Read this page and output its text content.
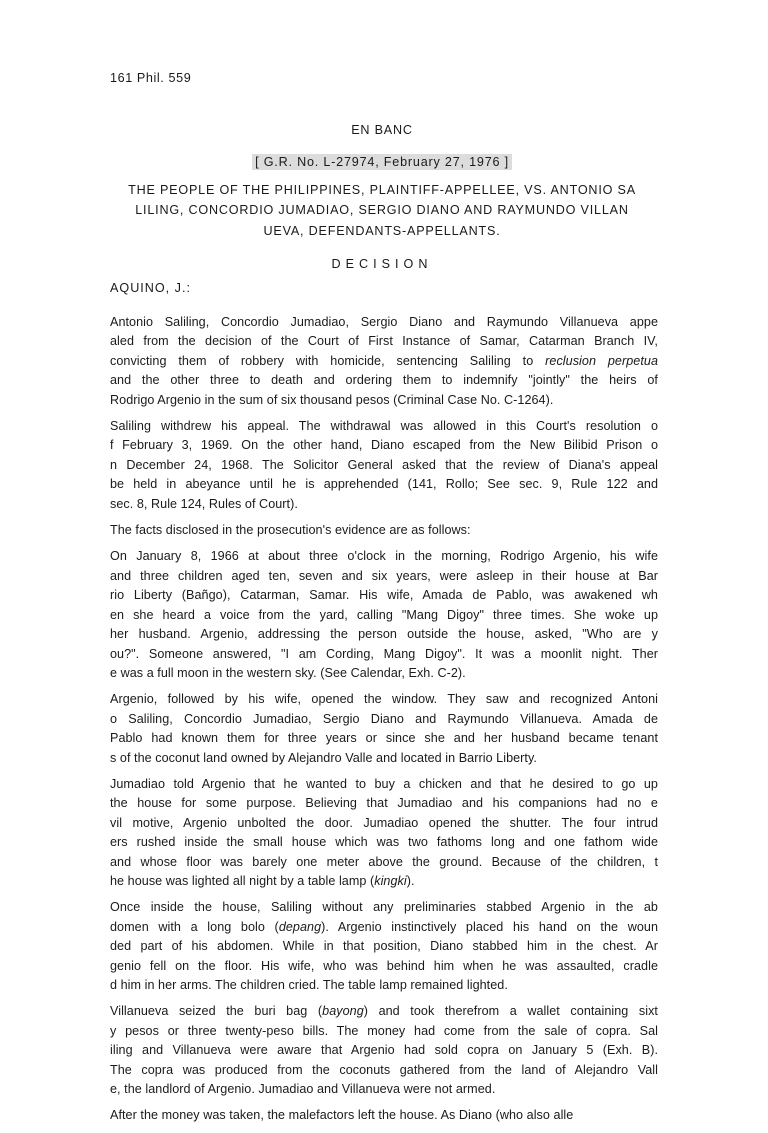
161 Phil. 559
EN BANC
[ G.R. No. L-27974, February 27, 1976 ]
THE PEOPLE OF THE PHILIPPINES, PLAINTIFF-APPELLEE, VS. ANTONIO SA
LILING, CONCORDIO JUMADIAO, SERGIO DIANO AND RAYMUNDO VILLAN
UEVA, DEFENDANTS-APPELLANTS.
DECISION
AQUINO, J.:
Antonio Saliling, Concordio Jumadiao, Sergio Diano and Raymundo Villanueva appe
aled from the decision of the Court of First Instance of Samar, Catarman Branch IV,
convicting them of robbery with homicide, sentencing Saliling to reclusion perpetua
and the other three to death and ordering them to indemnify "jointly" the heirs of
Rodrigo Argenio in the sum of six thousand pesos (Criminal Case No. C-1264).
Saliling withdrew his appeal. The withdrawal was allowed in this Court's resolution o
f February 3, 1969. On the other hand, Diano escaped from the New Bilibid Prison o
n December 24, 1968. The Solicitor General asked that the review of Diana's appeal
be held in abeyance until he is apprehended (141, Rollo; See sec. 9, Rule 122 and
sec. 8, Rule 124, Rules of Court).
The facts disclosed in the prosecution's evidence are as follows:
On January 8, 1966 at about three o'clock in the morning, Rodrigo Argenio, his wife
and three children aged ten, seven and six years, were asleep in their house at Bar
rio Liberty (Bañgo), Catarman, Samar. His wife, Amada de Pablo, was awakened wh
en she heard a voice from the yard, calling "Mang Digoy" three times. She woke up
her husband. Argenio, addressing the person outside the house, asked, "Who are y
ou?". Someone answered, "I am Cording, Mang Digoy". It was a moonlit night. Ther
e was a full moon in the western sky. (See Calendar, Exh. C-2).
Argenio, followed by his wife, opened the window. They saw and recognized Antoni
o Saliling, Concordio Jumadiao, Sergio Diano and Raymundo Villanueva. Amada de
Pablo had known them for three years or since she and her husband became tenant
s of the coconut land owned by Alejandro Valle and located in Barrio Liberty.
Jumadiao told Argenio that he wanted to buy a chicken and that he desired to go up
the house for some purpose. Believing that Jumadiao and his companions had no e
vil motive, Argenio unbolted the door. Jumadiao opened the shutter. The four intrud
ers rushed inside the small house which was two fathoms long and one fathom wide
and whose floor was barely one meter above the ground. Because of the children, t
he house was lighted all night by a table lamp (kingki).
Once inside the house, Saliling without any preliminaries stabbed Argenio in the ab
domen with a long bolo (depang). Argenio instinctively placed his hand on the woun
ded part of his abdomen. While in that position, Diano stabbed him in the chest. Ar
genio fell on the floor. His wife, who was behind him when he was assaulted, cradle
d him in her arms. The children cried. The table lamp remained lighted.
Villanueva seized the buri bag (bayong) and took therefrom a wallet containing sixt
y pesos or three twenty-peso bills. The money had come from the sale of copra. Sal
iling and Villanueva were aware that Argenio had sold copra on January 5 (Exh. B).
The copra was produced from the coconuts gathered from the land of Alejandro Vall
e, the landlord of Argenio. Jumadiao and Villanueva were not armed.
After the money was taken, the malefactors left the house. As Diano (who also alle
